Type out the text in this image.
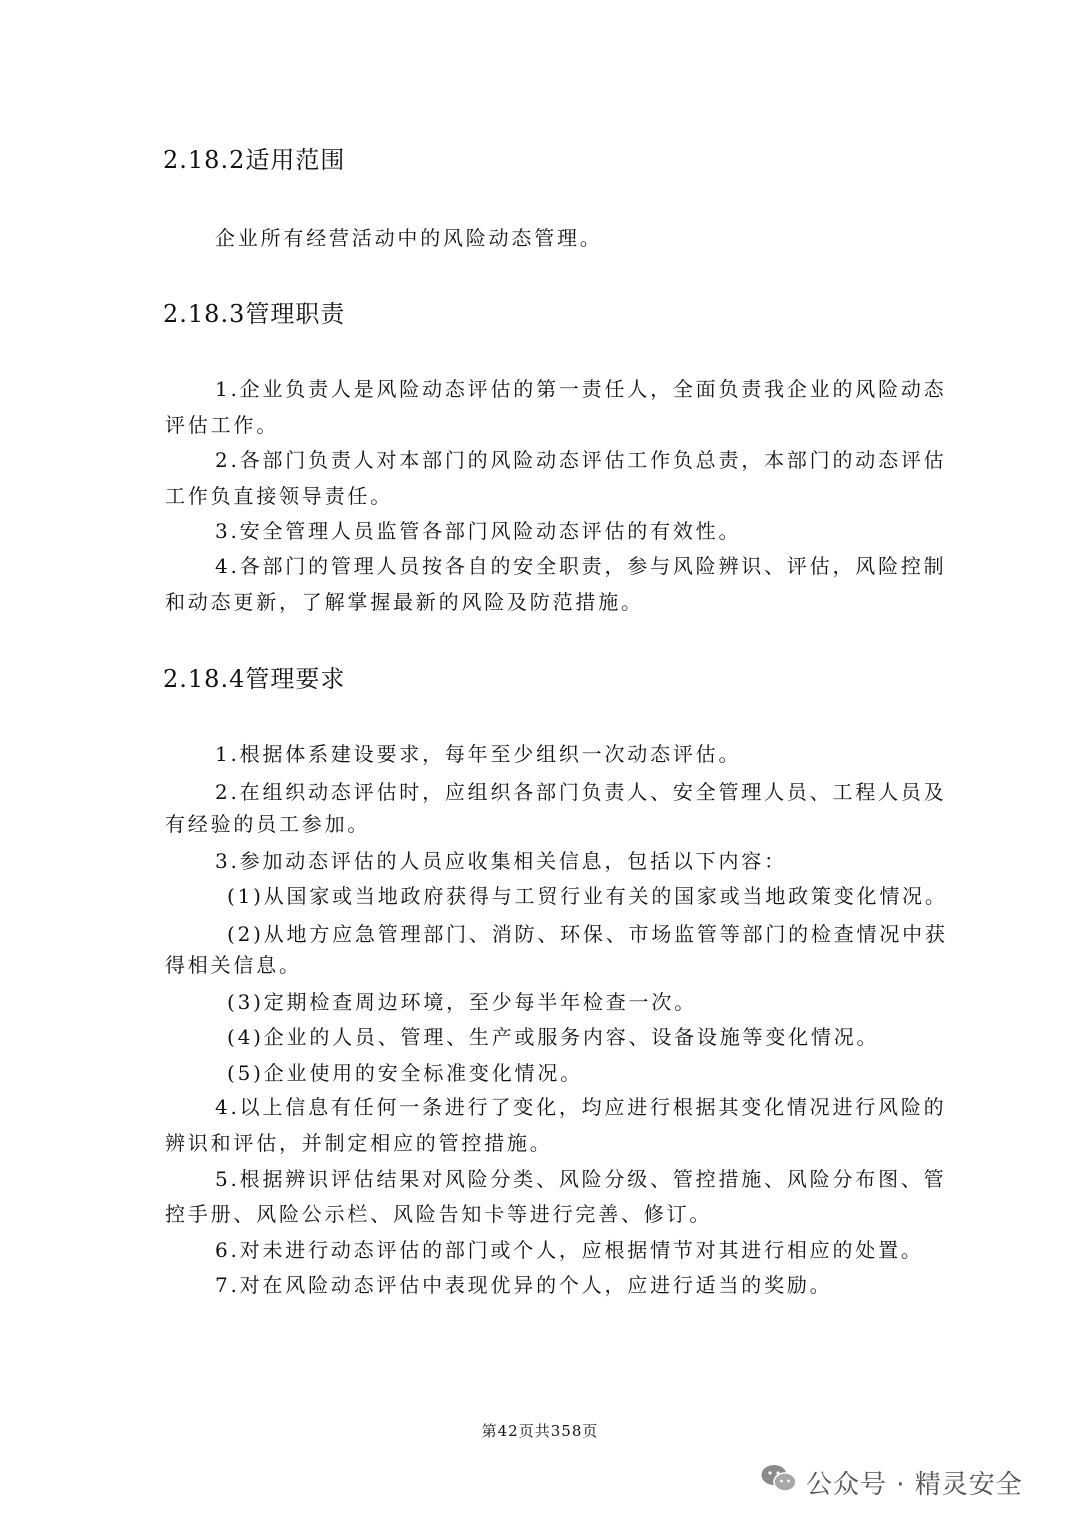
2.18.2适用范围
企业所有经营活动中的风险动态管理。
2.18.3管理职责
1.企业负责人是风险动态评估的第一责任人，全面负责我企业的风险动态
评估工作。
2.各部门负责人对本部门的风险动态评估工作负总责，本部门的动态评估
工作负直接领导责任。
3.安全管理人员监管各部门风险动态评估的有效性。
4.各部门的管理人员按各自的安全职责，参与风险辨识、评估，风险控制
和动态更新，了解掌握最新的风险及防范措施。
2.18.4管理要求
1.根据体系建设要求，每年至少组织一次动态评估。
2.在组织动态评估时，应组织各部门负责人、安全管理人员、工程人员及
有经验的员工参加。
3.参加动态评估的人员应收集相关信息，包括以下内容：
(1)从国家或当地政府获得与工贸行业有关的国家或当地政策变化情况。
(2)从地方应急管理部门、消防、环保、市场监管等部门的检查情况中获
得相关信息。
(3)定期检查周边环境，至少每半年检查一次。
(4)企业的人员、管理、生产或服务内容、设备设施等变化情况。
(5)企业使用的安全标准变化情况。
4.以上信息有任何一条进行了变化，均应进行根据其变化情况进行风险的
辨识和评估，并制定相应的管控措施。
5.根据辨识评估结果对风险分类、风险分级、管控措施、风险分布图、管
控手册、风险公示栏、风险告知卡等进行完善、修订。
6.对未进行动态评估的部门或个人，应根据情节对其进行相应的处置。
7.对在风险动态评估中表现优异的个人，应进行适当的奖励。
第42页共358页
公众号 · 精灵安全
